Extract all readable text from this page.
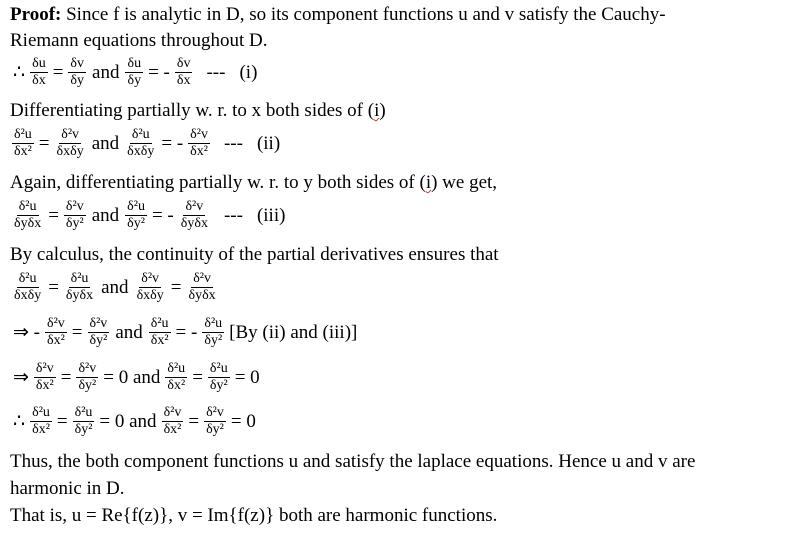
Proof: Since f is analytic in D, so its component functions u and v satisfy the Cauchy-
Riemann equations throughout D.
∴ $\frac{\delta u}{\delta x} = \frac{\delta v}{\delta y}$ and $\frac{\delta u}{\delta y}$ = - $\frac{\delta v}{\delta x}$ --- (i)
Differentiating partially w. r. to x both sides of (i)
$\frac{\text{δ²u}}{\text{δx²}} = \frac{\text{δ²v}}{\text{δxδy}}$ and $\frac{\text{δ²u}}{\text{δxδy}}$ = - $\frac{\text{δ²v}}{\text{δx²}}$ --- (ii)
Again, differentiating partially w. r. to y both sides of (i) we get,
$\frac{\text{δ²u}}{\text{δyδx}} = \frac{\text{δ²v}}{\text{δy²}}$ and $\frac{\text{δ²u}}{\text{δy²}}$ = - $\frac{\text{δ²v}}{\text{δyδx}}$ --- (iii)
By calculus, the continuity of the partial derivatives ensures that
$\frac{\text{δ²u}}{\text{δxδy}} = \frac{\text{δ²u}}{\text{δyδx}}$ and $\frac{\text{δ²v}}{\text{δxδy}} = \frac{\text{δ²v}}{\text{δyδx}}$
⇒ - $\frac{\text{δ²v}}{\text{δx²}} = \frac{\text{δ²v}}{\text{δy²}}$ and $\frac{\text{δ²u}}{\text{δx²}}$ = - $\frac{\text{δ²u}}{\text{δy²}} [By$ (ii) and (iii)]
⇒ $\frac{\text{δ²v}}{\text{δx²}} = \frac{\text{δ²v}}{\text{δy²}} = 0$ and $\frac{\text{δ²u}}{\text{δx²}} = \frac{\text{δ²u}}{\text{δy²}} = 0$
∴ $\frac{\text{δ²u}}{\text{δx²}} = \frac{\text{δ²u}}{\text{δy²}} = 0$ and $\frac{\text{δ²v}}{\text{δx²}} = \frac{\text{δ²v}}{\text{δy²}} = 0$
Thus, the both component functions u and satisfy the laplace equations. Hence u and v are
harmonic in D.
That is, u = Re{f(z)}, v = Im{f(z)} both are harmonic functions.
